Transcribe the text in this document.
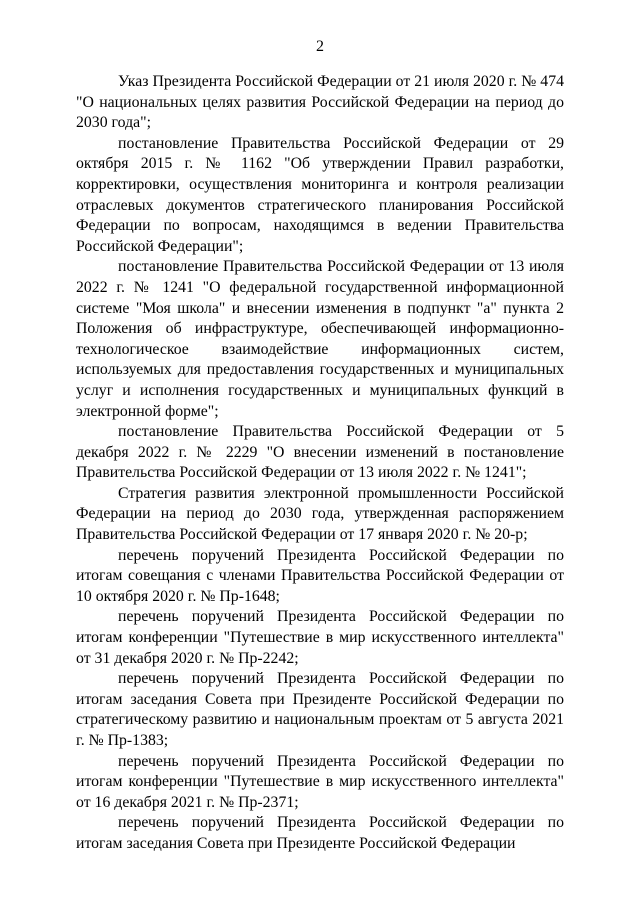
2

Указ Президента Российской Федерации от 21 июля 2020 г. № 474 "О национальных целях развития Российской Федерации на период до 2030 года";

постановление Правительства Российской Федерации от 29 октября 2015 г. № 1162 "Об утверждении Правил разработки, корректировки, осуществления мониторинга и контроля реализации отраслевых документов стратегического планирования Российской Федерации по вопросам, находящимся в ведении Правительства Российской Федерации";

постановление Правительства Российской Федерации от 13 июля 2022 г. № 1241 "О федеральной государственной информационной системе "Моя школа" и внесении изменения в подпункт "а" пункта 2 Положения об инфраструктуре, обеспечивающей информационно-технологическое взаимодействие информационных систем, используемых для предоставления государственных и муниципальных услуг и исполнения государственных и муниципальных функций в электронной форме";

постановление Правительства Российской Федерации от 5 декабря 2022 г. № 2229 "О внесении изменений в постановление Правительства Российской Федерации от 13 июля 2022 г. № 1241";

Стратегия развития электронной промышленности Российской Федерации на период до 2030 года, утвержденная распоряжением Правительства Российской Федерации от 17 января 2020 г. № 20-р;

перечень поручений Президента Российской Федерации по итогам совещания с членами Правительства Российской Федерации от 10 октября 2020 г. № Пр-1648;

перечень поручений Президента Российской Федерации по итогам конференции "Путешествие в мир искусственного интеллекта" от 31 декабря 2020 г. № Пр-2242;

перечень поручений Президента Российской Федерации по итогам заседания Совета при Президенте Российской Федерации по стратегическому развитию и национальным проектам от 5 августа 2021 г. № Пр-1383;

перечень поручений Президента Российской Федерации по итогам конференции "Путешествие в мир искусственного интеллекта" от 16 декабря 2021 г. № Пр-2371;

перечень поручений Президента Российской Федерации по итогам заседания Совета при Президенте Российской Федерации
